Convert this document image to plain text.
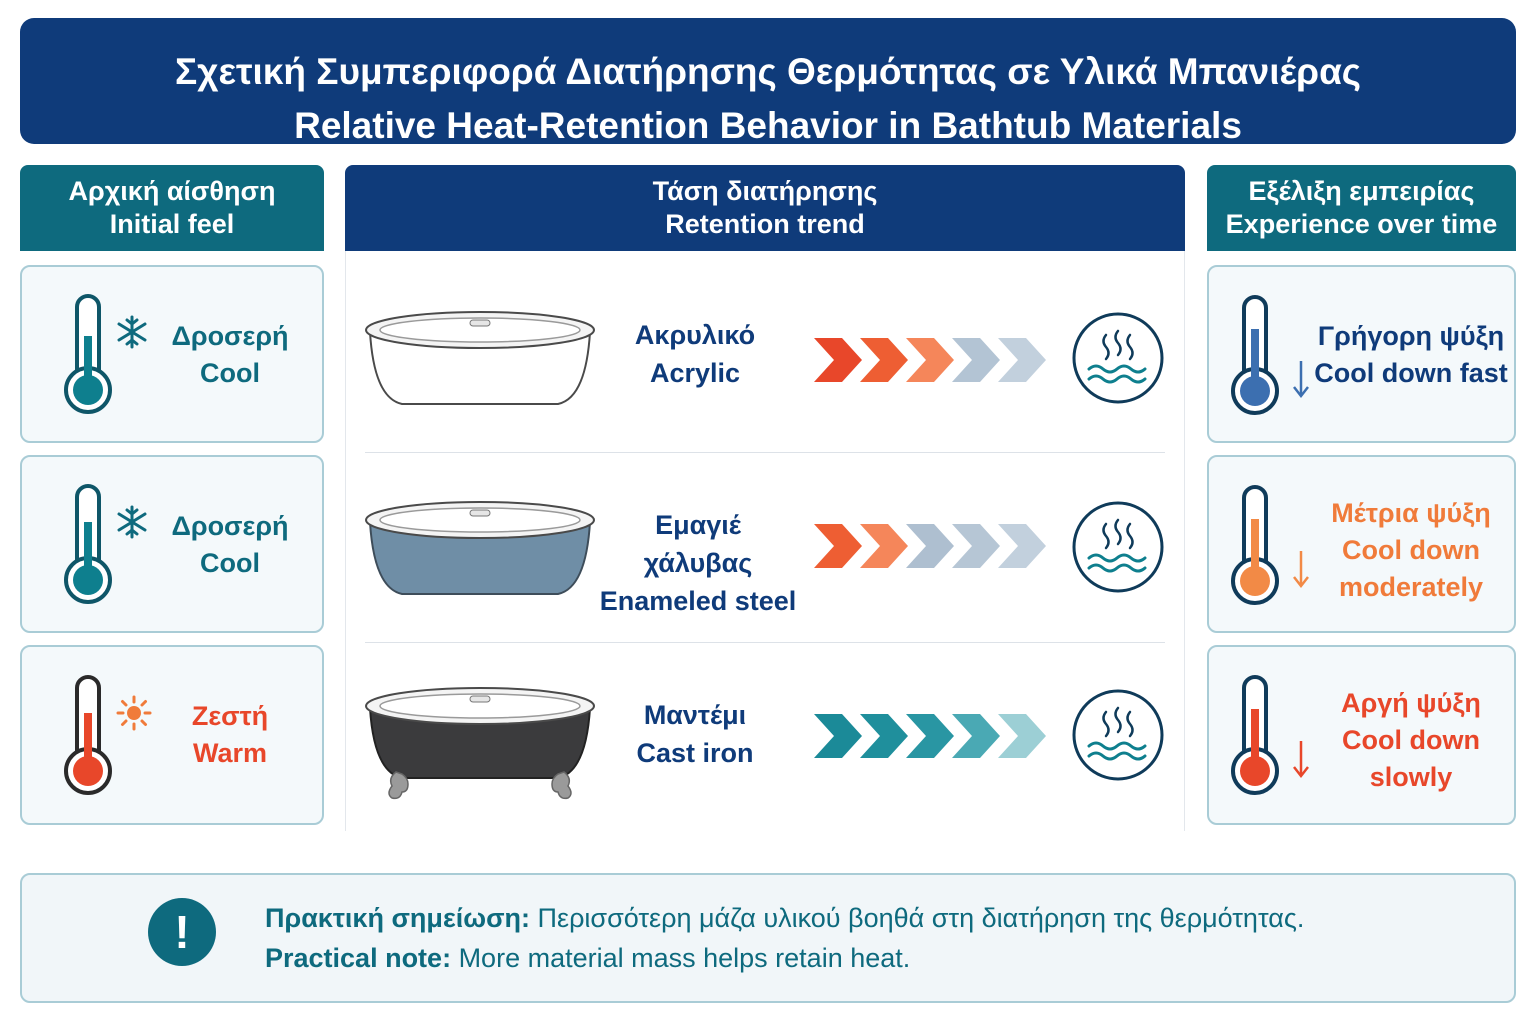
Σχετική Συμπεριφορά Διατήρησης Θερμότητας σε Υλικά Μπανιέρας
Relative Heat-Retention Behavior in Bathtub Materials
Αρχική αίσθηση
Initial feel
Τάση διατήρησης
Retention trend
Εξέλιξη εμπειρίας
Experience over time
Δροσερή
Cool
Δροσερή
Cool
Ζεστή
Warm
Ακρυλικό
Acrylic
Εμαγιέ χάλυβας
Enameled steel
Μαντέμι
Cast iron
Γρήγορη ψύξη
Cool down fast
Μέτρια ψύξη
Cool down
moderately
Αργή ψύξη
Cool down
slowly
!	Πρακτική σημείωση: Περισσότερη μάζα υλικού βοηθά στη διατήρηση της θερμότητας.
Practical note: More material mass helps retain heat.
